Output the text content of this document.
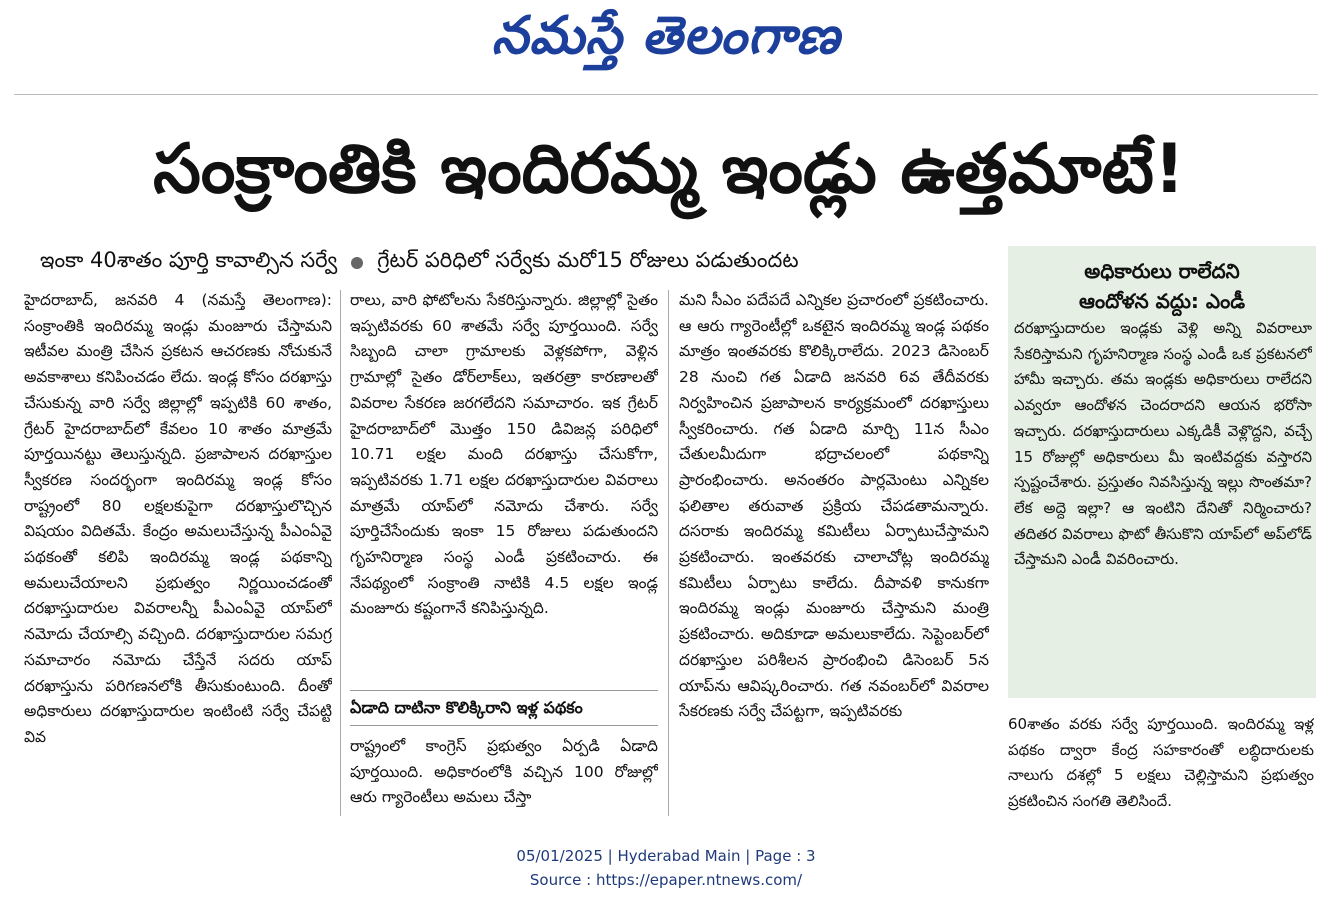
నమస్తే తెలంగాణ
సంక్రాంతికి ఇందిరమ్మ ఇండ్లు ఉత్తమాటే!
ఇంకా 40శాతం పూర్తి కావాల్సిన సర్వే గ్రేటర్ పరిధిలో సర్వేకు మరో15 రోజులు పడుతుందట

హైదరాబాద్, జనవరి 4 (నమస్తే తెలంగాణ): సంక్రాంతికి ఇందిరమ్మ ఇండ్లు మంజూరు చేస్తామని ఇటీవల మంత్రి చేసిన ప్రకటన ఆచరణకు నోచుకునే అవకాశాలు కనిపించడం లేదు. ఇండ్ల కోసం దరఖాస్తు చేసుకున్న వారి సర్వే జిల్లాల్లో ఇప్పటికి 60 శాతం, గ్రేటర్ హైదరాబాద్‌లో కేవలం 10 శాతం మాత్రమే పూర్తయినట్టు తెలుస్తున్నది. ప్రజాపాలన దరఖాస్తుల స్వీకరణ సందర్భంగా ఇందిరమ్మ ఇండ్ల కోసం రాష్ట్రంలో 80 లక్షలకుపైగా దరఖాస్తులొచ్చిన విషయం విదితమే. కేంద్రం అమలుచేస్తున్న పీఎంఏవై పథకంతో కలిపి ఇందిరమ్మ ఇండ్ల పథకాన్ని అమలుచేయాలని ప్రభుత్వం నిర్ణయించడంతో దరఖాస్తుదారుల వివరాలన్నీ పీఎంఏవై యాప్‌లో నమోదు చేయాల్సి వచ్చింది. దరఖాస్తుదారుల సమగ్ర సమాచారం నమోదు చేస్తేనే సదరు యాప్ దరఖాస్తును పరిగణనలోకి తీసుకుంటుంది. దీంతో అధికారులు దరఖాస్తుదారుల ఇంటింటి సర్వే చేపట్టి వివ

రాలు, వారి ఫోటోలను సేకరిస్తున్నారు. జిల్లాల్లో సైతం ఇప్పటివరకు 60 శాతమే సర్వే పూర్తయింది. సర్వే సిబ్బంది చాలా గ్రామాలకు వెళ్లకపోగా, వెళ్లిన గ్రామాల్లో సైతం డోర్‌లాక్‌లు, ఇతరత్రా కారణాలతో వివరాల సేకరణ జరగలేదని సమాచారం. ఇక గ్రేటర్ హైదరాబాద్‌లో మొత్తం 150 డివిజన్ల పరిధిలో 10.71 లక్షల మంది దరఖాస్తు చేసుకోగా, ఇప్పటివరకు 1.71 లక్షల దరఖాస్తుదారుల వివరాలు మాత్రమే యాప్‌లో నమోదు చేశారు. సర్వే పూర్తిచేసేందుకు ఇంకా 15 రోజులు పడుతుందని గృహనిర్మాణ సంస్థ ఎండీ ప్రకటించారు. ఈ నేపథ్యంలో సంక్రాంతి నాటికి 4.5 లక్షల ఇండ్ల మంజూరు కష్టంగానే కనిపిస్తున్నది.

ఏడాది దాటినా కొలిక్కిరాని ఇళ్ల పథకం

రాష్ట్రంలో కాంగ్రెస్ ప్రభుత్వం ఏర్పడి ఏడాది పూర్తయింది. అధికారంలోకి వచ్చిన 100 రోజుల్లో ఆరు గ్యారెంటీలు అమలు చేస్తా

మని సీఎం పదేపదే ఎన్నికల ప్రచారంలో ప్రకటించారు. ఆ ఆరు గ్యారెంటీల్లో ఒకటైన ఇందిరమ్మ ఇండ్ల పథకం మాత్రం ఇంతవరకు కొలిక్కిరాలేదు. 2023 డిసెంబర్ 28 నుంచి గత ఏడాది జనవరి 6వ తేదీవరకు నిర్వహించిన ప్రజాపాలన కార్యక్రమంలో దరఖాస్తులు స్వీకరించారు. గత ఏడాది మార్చి 11న సీఎం చేతులమీదుగా భద్రాచలంలో పథకాన్ని ప్రారంభించారు. అనంతరం పార్లమెంటు ఎన్నికల ఫలితాల తరువాత ప్రక్రియ చేపడతామన్నారు. దసరాకు ఇందిరమ్మ కమిటీలు ఏర్పాటుచేస్తామని ప్రకటించారు. ఇంతవరకు చాలాచోట్ల ఇందిరమ్మ కమిటీలు ఏర్పాటు కాలేదు. దీపావళి కానుకగా ఇందిరమ్మ ఇండ్లు మంజూరు చేస్తామని మంత్రి ప్రకటించారు. అదికూడా అమలుకాలేదు. సెప్టెంబర్‌లో దరఖాస్తుల పరిశీలన ప్రారంభించి డిసెంబర్ 5న యాప్‌ను ఆవిష్కరించారు. గత నవంబర్‌లో వివరాల సేకరణకు సర్వే చేపట్టగా, ఇప్పటివరకు

అధికారులు రాలేదని
ఆందోళన వద్దు: ఎండీ

దరఖాస్తుదారుల ఇండ్లకు వెళ్లి అన్ని వివరాలూ సేకరిస్తామని గృహనిర్మాణ సంస్థ ఎండీ ఒక ప్రకటనలో హామీ ఇచ్చారు. తమ ఇండ్లకు అధికారులు రాలేదని ఎవ్వరూ ఆందోళన చెందరాదని ఆయన భరోసా ఇచ్చారు. దరఖాస్తుదారులు ఎక్కడికీ వెళ్లొద్దని, వచ్చే 15 రోజుల్లో అధికారులు మీ ఇంటివద్దకు వస్తారని స్పష్టంచేశారు. ప్రస్తుతం నివసిస్తున్న ఇల్లు సొంతమా? లేక అద్దె ఇల్లా? ఆ ఇంటిని దేనితో నిర్మించారు? తదితర వివరాలు ఫొటో తీసుకొని యాప్‌లో అప్‌లోడ్ చేస్తామని ఎండీ వివరించారు.

60శాతం వరకు సర్వే పూర్తయింది. ఇందిరమ్మ ఇళ్ల పథకం ద్వారా కేంద్ర సహకారంతో లబ్ధిదారులకు నాలుగు దశల్లో 5 లక్షలు చెల్లిస్తామని ప్రభుత్వం ప్రకటించిన సంగతి తెలిసిందే.

05/01/2025 | Hyderabad Main | Page : 3
Source : https://epaper.ntnews.com/
